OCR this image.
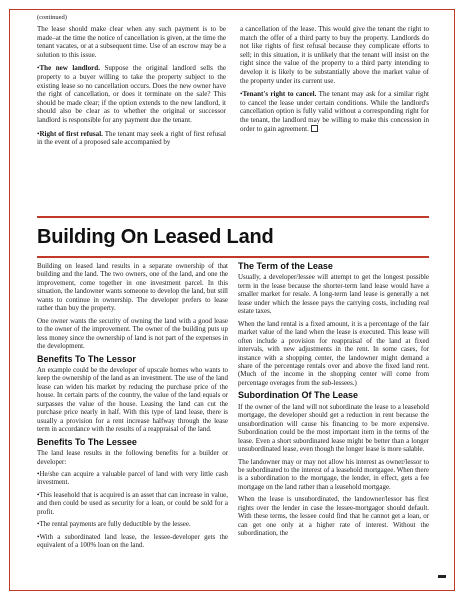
(continued)

The lease should make clear when any such payment is to be made–at the time the notice of cancellation is given, at the time the tenant vacates, or at a subsequent time. Use of an escrow may be a solution to this issue.

• The new landlord. Suppose the original landlord sells the property to a buyer willing to take the property subject to the existing lease so no cancellation occurs. Does the new owner have the right of cancellation, or does it terminate on the sale? This should be made clear; if the option extends to the new landlord, it should also be clear as to whether the original or successor landlord is responsible for any payment due the tenant.

• Right of first refusal. The tenant may seek a right of first refusal in the event of a proposed sale accompanied by

a cancellation of the lease. This would give the tenant the right to match the offer of a third party to buy the property. Landlords do not like rights of first refusal because they complicate efforts to sell; in this situation, it is unlikely that the tenant will insist on the right since the value of the property to a third party intending to develop it is likely to be substantially above the market value of the property under its current use.

• Tenant's right to cancel. The tenant may ask for a similar right to cancel the lease under certain conditions. While the landlord's cancellation option is fully valid without a corresponding right for the tenant, the landlord may be willing to make this concession in order to gain agreement.

Building On Leased Land

Building on leased land results in a separate ownership of that building and the land. The two owners, one of the land, and one the improvement, come together in one investment parcel. In this situation, the landowner wants someone to develop the land, but still wants to continue in ownership. The developer prefers to lease rather than buy the property.

One owner wants the security of owning the land with a good lease to the owner of the improvement. The owner of the building puts up less money since the ownership of land is not part of the expenses in the development.

Benefits To The Lessor

An example could be the developer of upscale homes who wants to keep the ownership of the land as an investment. The use of the land lease can widen his market by reducing the purchase price of the house. In certain parts of the country, the value of the land equals or surpasses the value of the house. Leasing the land can cut the purchase price nearly in half. With this type of land lease, there is usually a provision for a rent increase halfway through the lease term in accordance with the results of a reappraisal of the land.

Benefits To The Lessee

The land lease results in the following benefits for a builder or developer:

• He/she can acquire a valuable parcel of land with very little cash investment.

• This leasehold that is acquired is an asset that can increase in value, and then could be used as security for a loan, or could be sold for a profit.

• The rental payments are fully deductible by the lessee.

• With a subordinated land lease, the lessee-developer gets the equivalent of a 100% loan on the land.

The Term of the Lease

Usually, a developer/lessee will attempt to get the longest possible term in the lease because the shorter-term land lease would have a smaller market for resale. A long-term land lease is generally a net lease under which the lessee pays the carrying costs, including real estate taxes.

When the land rental is a fixed amount, it is a percentage of the fair market value of the land when the lease is executed. This lease will often include a provision for reappraisal of the land at fixed intervals, with new adjustments in the rent. In some cases, for instance with a shopping center, the landowner might demand a share of the percentage rentals over and above the fixed land rent. (Much of the income in the shopping center will come from percentage overages from the sub-lessees.)

Subordination Of The Lease

If the owner of the land will not subordinate the lease to a leasehold mortgage, the developer should get a reduction in rent because the unsubordination will cause his financing to be more expensive. Subordination could be the most important item in the terms of the lease. Even a short subordinated lease might be better than a longer unsubordinated lease, even though the longer lease is more salable.

The landowner may or may not allow his interest as owner/lessor to be subordinated to the interest of a leasehold mortgagee. When there is a subordination to the mortgage, the lender, in effect, gets a fee mortgage on the land rather than a leasehold mortgage.

When the lease is unsubordinated, the landowner/lessor has first rights over the lender in case the lessee-mortgagor should default. With these terms, the lessee could find that he cannot get a loan, or can get one only at a higher rate of interest. Without the subordination, the
